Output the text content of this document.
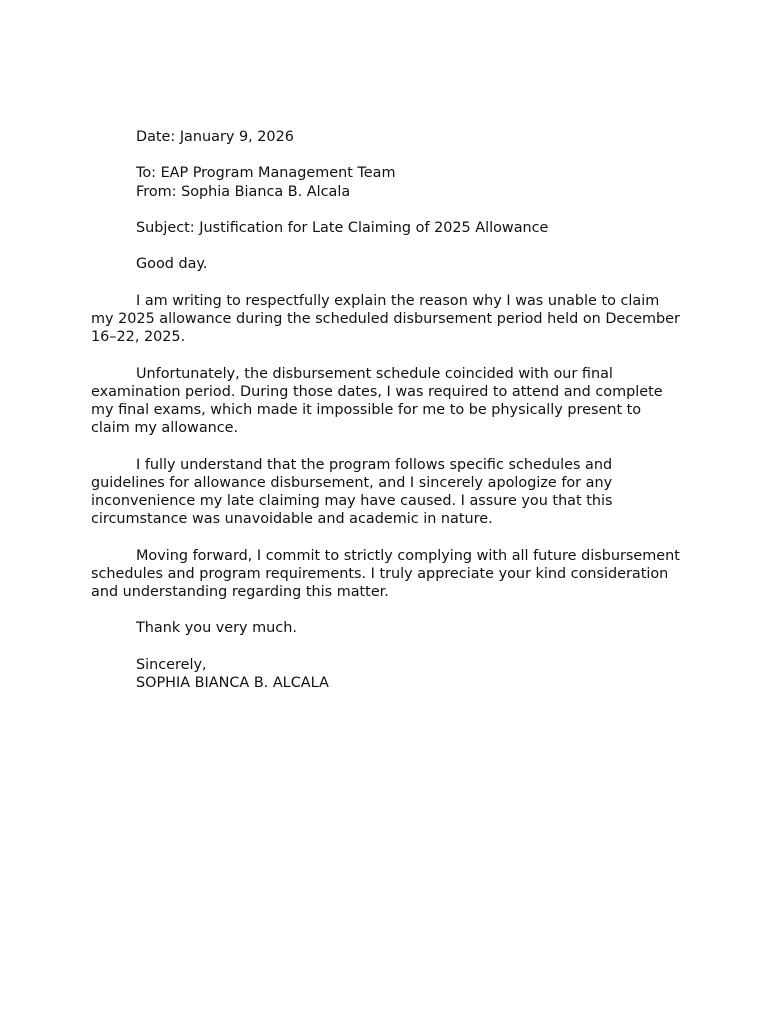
Date: January 9, 2026

To: EAP Program Management Team

From: Sophia Bianca B. Alcala

Subject: Justification for Late Claiming of 2025 Allowance

Good day.

I am writing to respectfully explain the reason why I was unable to claim my 2025 allowance during the scheduled disbursement period held on December 16–22, 2025.

Unfortunately, the disbursement schedule coincided with our final examination period. During those dates, I was required to attend and complete my final exams, which made it impossible for me to be physically present to claim my allowance.

I fully understand that the program follows specific schedules and guidelines for allowance disbursement, and I sincerely apologize for any inconvenience my late claiming may have caused. I assure you that this circumstance was unavoidable and academic in nature.

Moving forward, I commit to strictly complying with all future disbursement schedules and program requirements. I truly appreciate your kind consideration and understanding regarding this matter.

Thank you very much.

Sincerely,

SOPHIA BIANCA B. ALCALA
